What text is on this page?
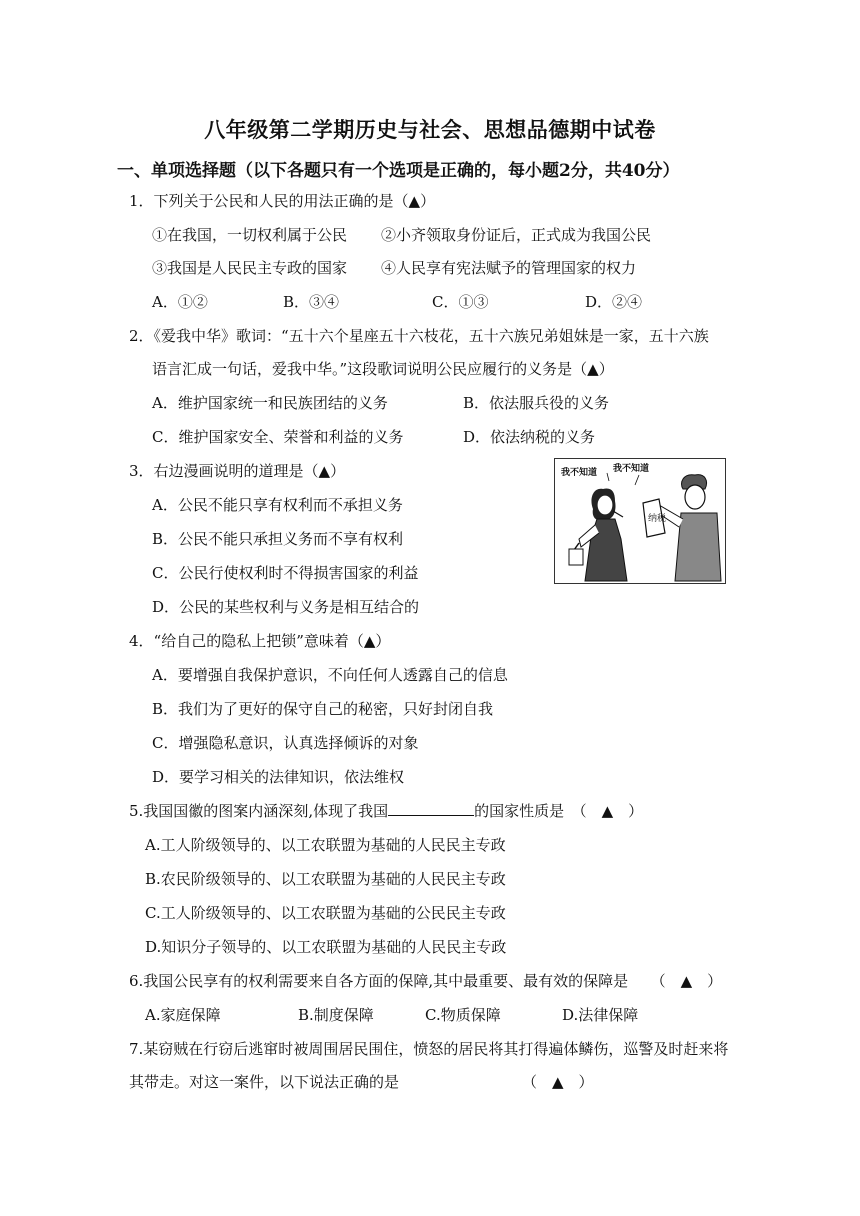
八年级第二学期历史与社会、思想品德期中试卷
一、单项选择题（以下各题只有一个选项是正确的，每小题2分，共40分）
1．下列关于公民和人民的用法正确的是（▲）
①在我国，一切权利属于公民 ②小齐领取身份证后，正式成为我国公民
③我国是人民民主专政的国家 ④人民享有宪法赋予的管理国家的权力
A．①②	B．③④	C．①③	D．②④
2．《爱我中华》歌词：“五十六个星座五十六枝花，五十六族兄弟姐妹是一家，五十六族
语言汇成一句话，爱我中华。”这段歌词说明公民应履行的义务是（▲）
A．维护国家统一和民族团结的义务	B．依法服兵役的义务
C．维护国家安全、荣誉和利益的义务	D．依法纳税的义务
3．右边漫画说明的道理是（▲）
A．公民不能只享有权利而不承担义务
B．公民不能只承担义务而不享有权利
C．公民行使权利时不得损害国家的利益
D．公民的某些权利与义务是相互结合的
纳税
我不知道 我不知道
4．“给自己的隐私上把锁”意味着（▲）
A．要增强自我保护意识，不向任何人透露自己的信息
B．我们为了更好的保守自己的秘密，只好封闭自我
C．增强隐私意识，认真选择倾诉的对象
D．要学习相关的法律知识，依法维权
5.我国国徽的图案内涵深刻,体现了我国	的国家性质是　（　▲　）
A.工人阶级领导的、以工农联盟为基础的人民民主专政
B.农民阶级领导的、以工农联盟为基础的人民民主专政
C.工人阶级领导的、以工农联盟为基础的公民民主专政
D.知识分子领导的、以工农联盟为基础的人民民主专政
6.我国公民享有的权利需要来自各方面的保障,其中最重要、最有效的保障是　　（　▲　）
A.家庭保障	B.制度保障	C.物质保障	D.法律保障
7.某窃贼在行窃后逃窜时被周围居民围住，愤怒的居民将其打得遍体鳞伤，巡警及时赶来将
其带走。对这一案件，以下说法正确的是	（　▲　）
